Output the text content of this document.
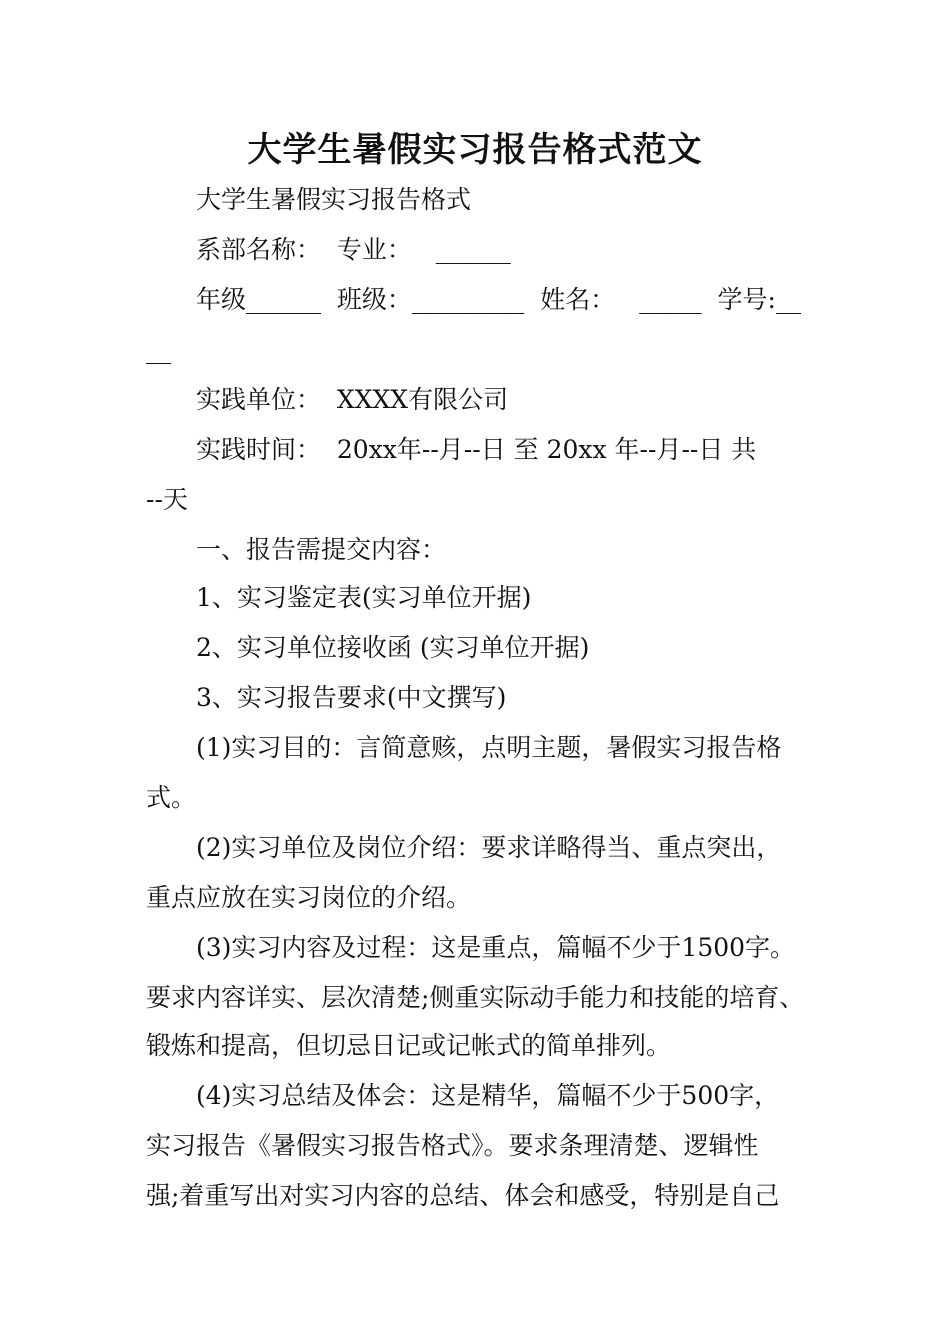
大学生暑假实习报告格式范文
大学生暑假实习报告格式
系部名称：  专业：   ______
年级______  班级：_________  姓名：   _____  学号:__
__
实践单位：  XXXX有限公司
实践时间：  20xx年--月--日 至 20xx 年--月--日 共
--天
一、报告需提交内容：
1、实习鉴定表(实习单位开据)
2、实习单位接收函 (实习单位开据)
3、实习报告要求(中文撰写)
(1)实习目的：言简意赅，点明主题，暑假实习报告格
式。
(2)实习单位及岗位介绍：要求详略得当、重点突出，
重点应放在实习岗位的介绍。
(3)实习内容及过程：这是重点，篇幅不少于1500字。
要求内容详实、层次清楚;侧重实际动手能力和技能的培育、
锻炼和提高，但切忌日记或记帐式的简单排列。
(4)实习总结及体会：这是精华，篇幅不少于500字，
实习报告《暑假实习报告格式》。要求条理清楚、逻辑性
强;着重写出对实习内容的总结、体会和感受，特别是自己
